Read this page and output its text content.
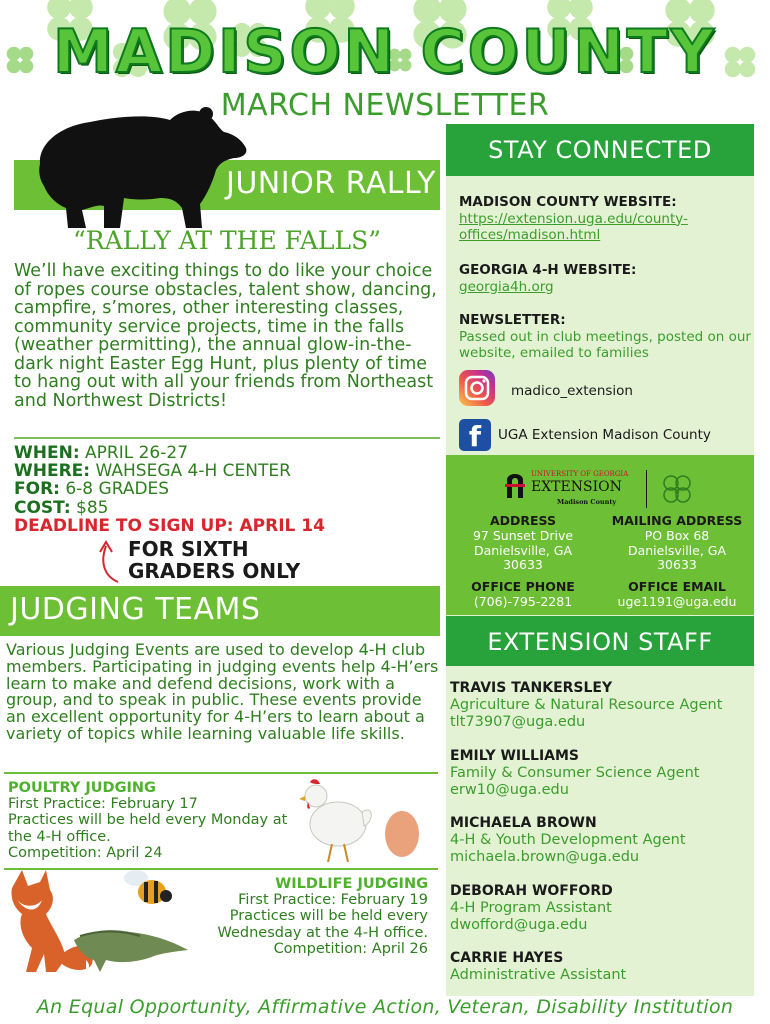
MADISON COUNTY
MARCH NEWSLETTER
JUNIOR RALLY
“RALLY AT THE FALLS”
We’ll have exciting things to do like your choice of ropes course obstacles, talent show, dancing, campfire, s’mores, other interesting classes, community service projects, time in the falls (weather permitting), the annual glow-in-the-dark night Easter Egg Hunt, plus plenty of time to hang out with all your friends from Northeast and Northwest Districts!
WHEN: APRIL 26-27
WHERE: WAHSEGA 4-H CENTER
FOR: 6-8 GRADES
COST: $85
DEADLINE TO SIGN UP: APRIL 14
FOR SIXTH
GRADERS ONLY
JUDGING TEAMS
Various Judging Events are used to develop 4-H club members. Participating in judging events help 4-H’ers learn to make and defend decisions, work with a group, and to speak in public. These events provide an excellent opportunity for 4-H’ers to learn about a variety of topics while learning valuable life skills.
POULTRY JUDGING
First Practice: February 17
Practices will be held every Monday at the 4-H office.
Competition: April 24
WILDLIFE JUDGING
First Practice: February 19
Practices will be held every Wednesday at the 4-H office.
Competition: April 26
STAY CONNECTED
MADISON COUNTY WEBSITE:
https://extension.uga.edu/county-offices/madison.html
GEORGIA 4-H WEBSITE:
georgia4h.org
NEWSLETTER:
Passed out in club meetings, posted on our website, emailed to families
madico_extension
f	UGA Extension Madison County
UNIVERSITY OF GEORGIA
EXTENSION
Madison County
H
ADDRESS
97 Sunset Drive
Danielsville, GA
30633
MAILING ADDRESS
PO Box 68
Danielsville, GA
30633
OFFICE PHONE
(706)-795-2281
OFFICE EMAIL
uge1191@uga.edu
EXTENSION STAFF
TRAVIS TANKERSLEY
Agriculture & Natural Resource Agent
tlt73907@uga.edu
EMILY WILLIAMS
Family & Consumer Science Agent
erw10@uga.edu
MICHAELA BROWN
4-H & Youth Development Agent
michaela.brown@uga.edu
DEBORAH WOFFORD
4-H Program Assistant
dwofford@uga.edu
CARRIE HAYES
Administrative Assistant
An Equal Opportunity, Affirmative Action, Veteran, Disability Institution
